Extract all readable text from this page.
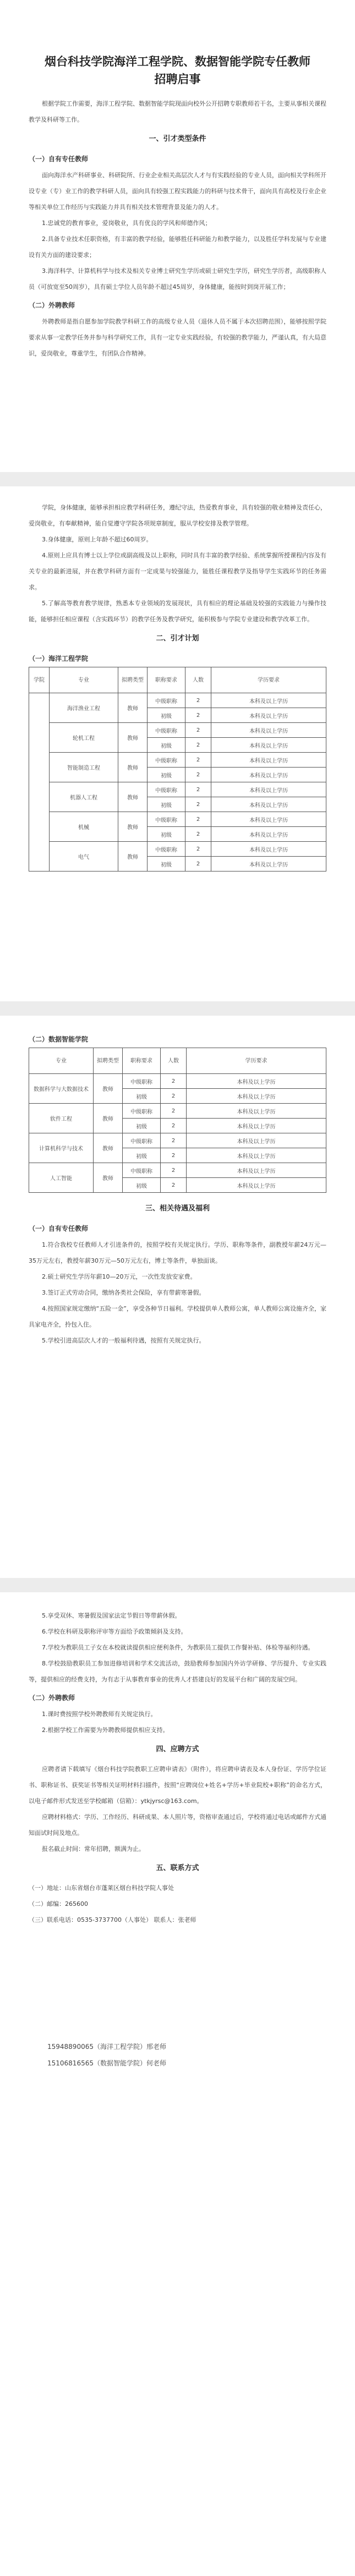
烟台科技学院海洋工程学院、数据智能学院专任教师
招聘启事

根据学院工作需要，海洋工程学院、数据智能学院现面向校外公开招聘专职教师若干名，主要从事相关课程教学及科研等工作。

一、引才类型条件
（一）自有专任教师

面向海洋水产科研事业、科研院所、行业企业相关高层次人才与有实践经验的专业人员，面向相关学科所开设专业（专）业工作的教学科研人员，面向具有较强工程实践能力的科研与技术骨干，面向具有高校及行业企业等相关单位工作经历与实践能力并具有相关技术管理背景及能力的人才。

1.忠诚党的教育事业，爱岗敬业，具有优良的学风和师德作风；

2.具备专业技术任职资格，有丰富的教学经验，能够胜任科研能力和教学能力，以及胜任学科发展与专业建设有关方面的建设要求；

3.海洋科学、计算机科学与技术及相关专业博士研究生学历或硕士研究生学历，研究生学历者，高级职称人员（可放宽至50周岁），具有硕士学位人员年龄不超过45周岁，身体健康，能按时到岗开展工作；

（二）外聘教师

外聘教师是指自愿参加学院教学科研工作的高级专业人员（退休人员不属于本次招聘范围），能够按照学院要求从事一定教学任务并参与科学研究工作，具有一定专业实践经验，有较强的教学能力，严谨认真，有大局意识，爱岗敬业，尊重学生，有团队合作精神。

学院，身体健康，能够承担相应教学科研任务，遵纪守法，热爱教育事业，具有较强的敬业精神及责任心，爱岗敬业，有奉献精神，能自觉遵守学院各项规章制度，服从学校安排及教学管理。

3.身体健康，原则上年龄不超过60周岁。

4.原则上应具有博士以上学位或副高级及以上职称，同时具有丰富的教学经验、系统掌握所授课程内容及有关专业的最新进展，并在教学科研方面有一定成果与较强能力，能胜任课程教学及指导学生实践环节的任务需求。

5.了解高等教育教学规律，熟悉本专业领域的发展现状，具有相应的理论基础及较强的实践能力与操作技能，能够担任相应课程（含实践环节）的教学任务及教学研究，能积极参与学院专业建设和教学改革工作。

二、引才计划
（一）海洋工程学院
学院	专业	拟聘类型	职称要求	人数	学历要求
	海洋渔业工程	教师	中级职称	2	本科及以上学历
			初级	2	本科及以上学历
	轮机工程	教师	中级职称	2	本科及以上学历
			初级	2	本科及以上学历
	智能制造工程	教师	中级职称	2	本科及以上学历
			初级	2	本科及以上学历
	机器人工程	教师	中级职称	2	本科及以上学历
			初级	2	本科及以上学历
	机械	教师	中级职称	2	本科及以上学历
			初级	2	本科及以上学历
	电气	教师	中级职称	2	本科及以上学历
			初级	2	本科及以上学历
（二）数据智能学院
专业	拟聘类型	职称要求	人数	学历要求
数据科学与大数据技术	教师	中级职称	2	本科及以上学历
		初级	2	本科及以上学历
软件工程	教师	中级职称	2	本科及以上学历
		初级	2	本科及以上学历
计算机科学与技术	教师	中级职称	2	本科及以上学历
		初级	2	本科及以上学历
人工智能	教师	中级职称	2	本科及以上学历
		初级	2	本科及以上学历
三、相关待遇及福利
（一）自有专任教师

1.符合我校专任教师人才引进条件的，按照学校有关规定执行。学历、职称等条件，副教授年薪24万元—35万元左右，教授年薪30万元—50万元左右，博士等条件，单独面谈。

2.硕士研究生学历年薪10—20万元，一次性发放安家费。

3.签订正式劳动合同，缴纳各类社会保险，享有带薪寒暑假。

4.按照国家规定缴纳“五险一金”，享受各种节日福利。学校提供单人教师公寓，单人教师公寓设施齐全，家具家电齐全，拎包入住。

5.学校引进高层次人才的一般福利待遇，按照有关规定执行。

5.享受双休、寒暑假及国家法定节假日等带薪休假。

6.学校在科研及职称评审等方面给予政策倾斜及支持。

7.学校为教职员工子女在本校就读提供相应便利条件，为教职员工提供工作餐补贴、体检等福利待遇。

8.学校鼓励教职员工参加进修培训和学术交流活动，鼓励教师参加国内外访学研修、学历提升、专业实践等，提供相应的经费支持，为有志于从事教育事业的优秀人才搭建良好的发展平台和广阔的发展空间。

（二）外聘教师

1.课时费按照学校外聘教师有关规定执行。

2.根据学校工作需要为外聘教师提供相应支持。

四、应聘方式

应聘者请下载填写《烟台科技学院教职工应聘申请表》（附件），将应聘申请表及本人身份证、学历学位证书、职称证书、获奖证书等相关证明材料扫描件，按照“应聘岗位+姓名+学历+毕业院校+职称”的命名方式，以电子邮件形式发送至学校邮箱（信箱）：ytkjyrsc@163.com。

应聘材料格式：学历、工作经历、科研成果、本人照片等，资格审查通过后，学校将通过电话或邮件方式通知面试时间及地点。

报名截止时间：常年招聘，额满为止。

五、联系方式

（一）地址：山东省烟台市蓬莱区烟台科技学院人事处

（二）邮编：265600

（三）联系电话：0535-3737700（人事处） 联系人：张老师

15948890065（海洋工程学院）邢老师
15106816565（数据智能学院）何老师
